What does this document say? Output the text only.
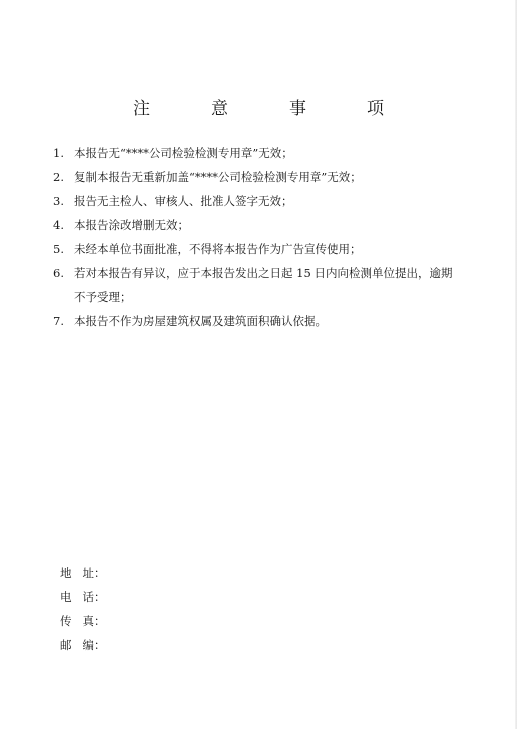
注　意　事　项
1. 本报告无“****公司检验检测专用章”无效；
2. 复制本报告无重新加盖“****公司检验检测专用章”无效；
3. 报告无主检人、审核人、批准人签字无效；
4. 本报告涂改增删无效；
5. 未经本单位书面批准，不得将本报告作为广告宣传使用；
6. 若对本报告有异议，应于本报告发出之日起 15 日内向检测单位提出，逾期不予受理；
7. 本报告不作为房屋建筑权属及建筑面积确认依据。
地 址 ：
电 话 ：
传 真 ：
邮 编 ：
